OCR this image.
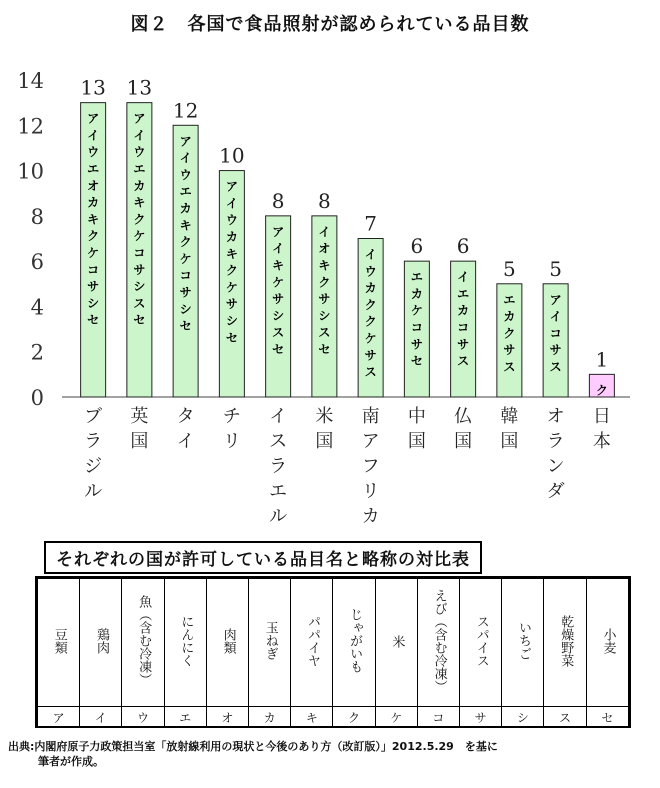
図２　各国で食品照射が認められている品目数
0
2
4
6
8
10
12
14 13
アイウエオカキクケコサシセ
13
アイウエカキクケコサシスセ
12
アイウエカキクケコサシセ
10
アイウカキクケサシセ
8
アイキケサシスセ
8
イオキクサシスセ
7
イウカククケサス
6
エカケコサセ
6
イエカコサス
5
エカクサス
5
アイコサス 1
ク
ブラジル
英国
タイ
チリ
イスラエル
米国
南アフリカ
中国
仏国
韓国
オランダ
日本
それぞれの国が許可している品目名と略称の対比表
豆類	鶏肉	魚（含む冷凍）	にんにく	肉類	玉ねぎ	パパイヤ	じゃがいも	米	えび（含む冷凍）	スパイス	いちご	乾燥野菜	小麦
ア	イ	ウ	エ	オ	カ	キ	ク	ケ	コ	サ	シ	ス	セ
出典:内閣府原子力政策担当室「放射線利用の現状と今後のあり方（改訂版）」2012.5.29　を基に
筆者が作成。
